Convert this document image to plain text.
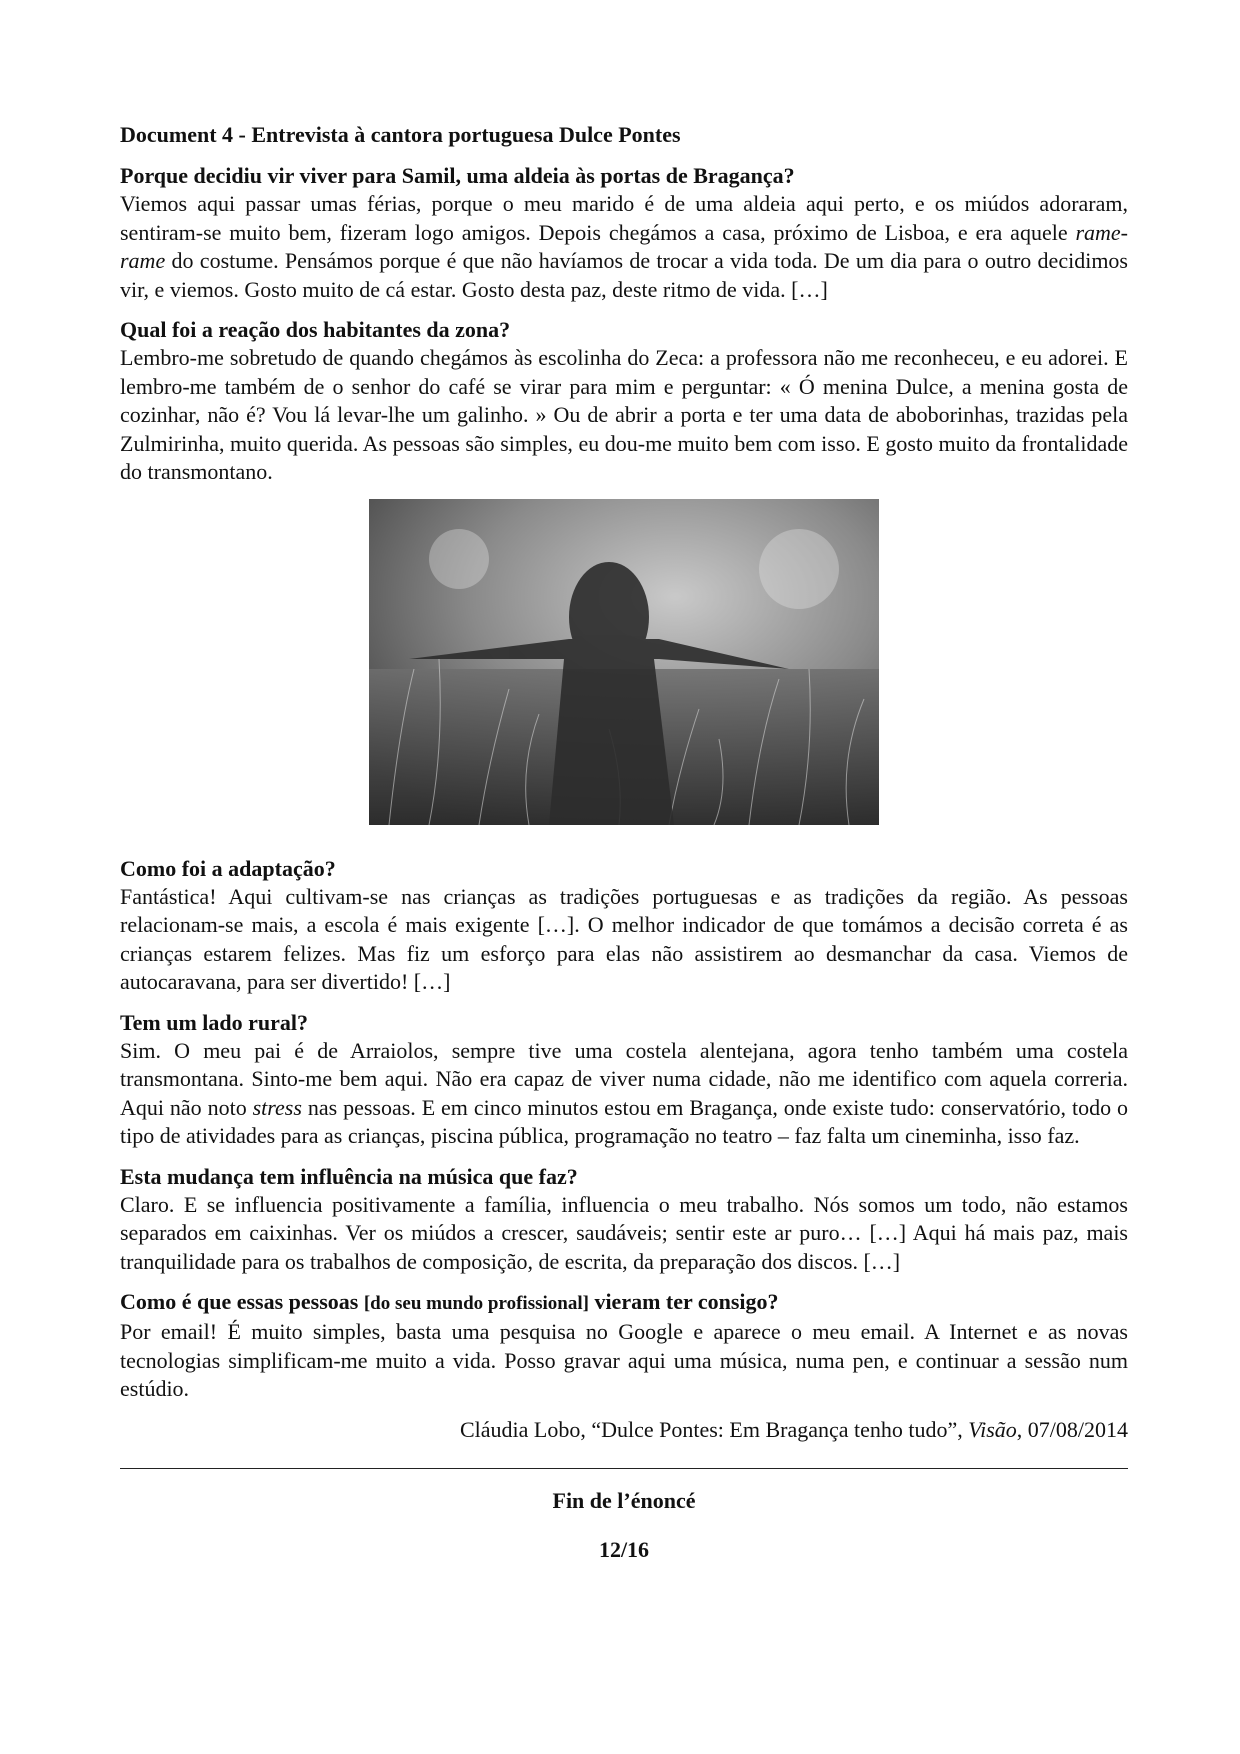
Document 4 - Entrevista à cantora portuguesa Dulce Pontes

Porque decidiu vir viver para Samil, uma aldeia às portas de Bragança?

Viemos aqui passar umas férias, porque o meu marido é de uma aldeia aqui perto, e os miúdos adoraram, sentiram-se muito bem, fizeram logo amigos. Depois chegámos a casa, próximo de Lisboa, e era aquele rame-rame do costume. Pensámos porque é que não havíamos de trocar a vida toda. De um dia para o outro decidimos vir, e viemos. Gosto muito de cá estar. Gosto desta paz, deste ritmo de vida. […]

Qual foi a reação dos habitantes da zona?

Lembro-me sobretudo de quando chegámos às escolinha do Zeca: a professora não me reconheceu, e eu adorei. E lembro-me também de o senhor do café se virar para mim e perguntar: « Ó menina Dulce, a menina gosta de cozinhar, não é? Vou lá levar-lhe um galinho. » Ou de abrir a porta e ter uma data de aboborinhas, trazidas pela Zulmirinha, muito querida. As pessoas são simples, eu dou-me muito bem com isso. E gosto muito da frontalidade do transmontano.

Como foi a adaptação?

Fantástica! Aqui cultivam-se nas crianças as tradições portuguesas e as tradições da região. As pessoas relacionam-se mais, a escola é mais exigente […]. O melhor indicador de que tomámos a decisão correta é as crianças estarem felizes. Mas fiz um esforço para elas não assistirem ao desmanchar da casa. Viemos de autocaravana, para ser divertido! […]

Tem um lado rural?

Sim. O meu pai é de Arraiolos, sempre tive uma costela alentejana, agora tenho também uma costela transmontana. Sinto-me bem aqui. Não era capaz de viver numa cidade, não me identifico com aquela correria. Aqui não noto stress nas pessoas. E em cinco minutos estou em Bragança, onde existe tudo: conservatório, todo o tipo de atividades para as crianças, piscina pública, programação no teatro – faz falta um cineminha, isso faz.

Esta mudança tem influência na música que faz?

Claro. E se influencia positivamente a família, influencia o meu trabalho. Nós somos um todo, não estamos separados em caixinhas. Ver os miúdos a crescer, saudáveis; sentir este ar puro… […] Aqui há mais paz, mais tranquilidade para os trabalhos de composição, de escrita, da preparação dos discos. […]

Como é que essas pessoas [do seu mundo profissional] vieram ter consigo?

Por email! É muito simples, basta uma pesquisa no Google e aparece o meu email. A Internet e as novas tecnologias simplificam-me muito a vida. Posso gravar aqui uma música, numa pen, e continuar a sessão num estúdio.

Cláudia Lobo, “Dulce Pontes: Em Bragança tenho tudo”, Visão, 07/08/2014
Fin de l’énoncé
12/16
